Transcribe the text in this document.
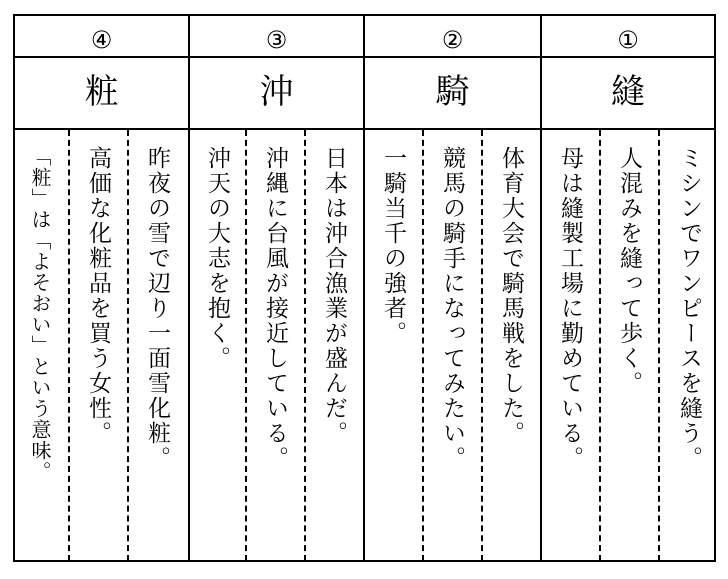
④
粧
昨夜の雪で辺り一面雪化粧。
高価な化粧品を買う女性。
「粧」は「よそおい」という意味。
③
沖
日本は沖合漁業が盛んだ。
沖縄に台風が接近している。
沖天の大志を抱く。
②
騎
体育大会で騎馬戦をした。
競馬の騎手になってみたい。
一騎当千の強者。
①
縫
ミシンでワンピースを縫う。
人混みを縫って歩く。
母は縫製工場に勤めている。
